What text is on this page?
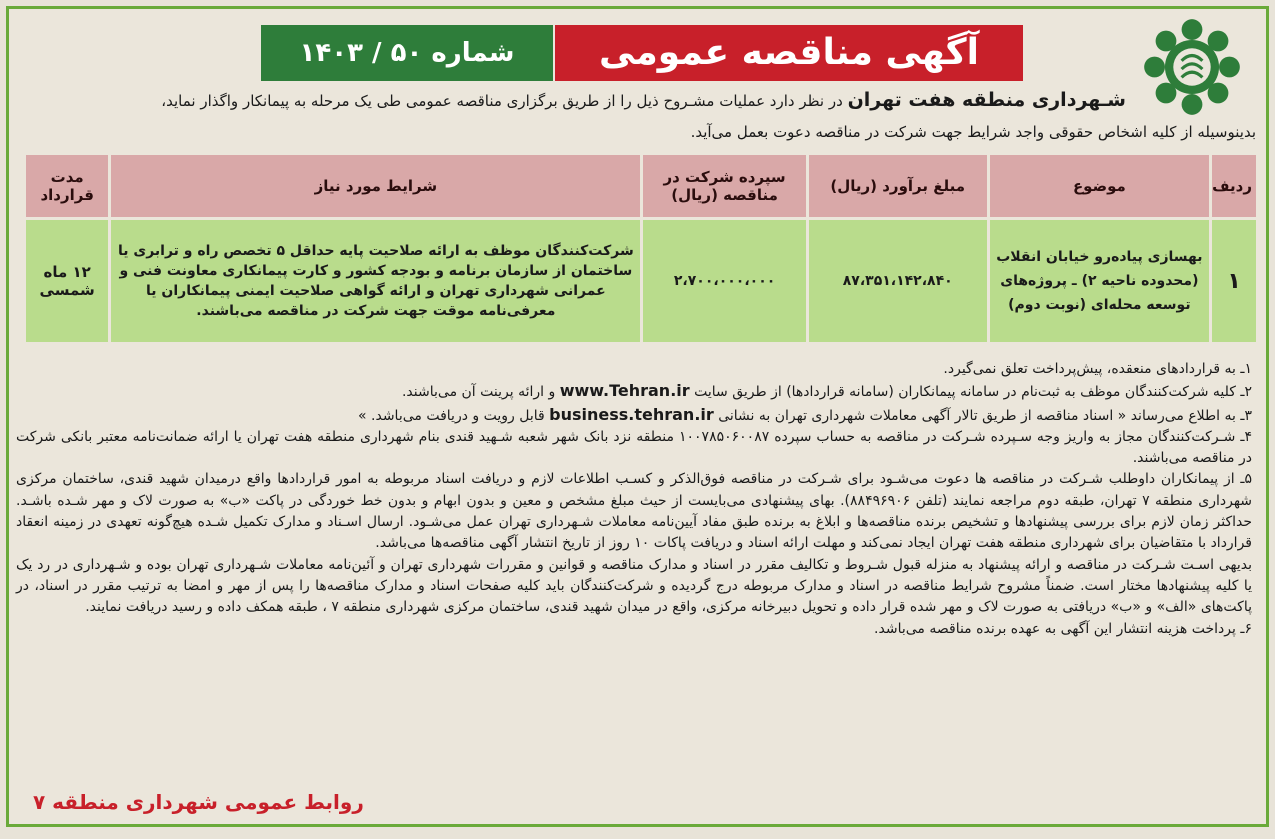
آگهی مناقصه عمومی
شماره ۵۰ / ۱۴۰۳
شـهرداری منطقه هفت تهران در نظر دارد عملیات مشـروح ذیل را از طریق برگزاری مناقصه عمومی طی یک مرحله به پیمانکار واگذار نماید،
بدینوسیله از کلیه اشخاص حقوقی واجد شرایط جهت شرکت در مناقصه دعوت بعمل می‌آید.
ردیف	موضوع	مبلغ برآورد (ریال)	سپرده شرکت در مناقصه (ریال)	شرایط مورد نیاز	مدت قرارداد
۱	بهسازی پیاده‌رو خیابان انقلاب (محدوده ناحیه ۲) ـ پروژه‌های توسعه محله‌ای (نوبت دوم)	۸۷،۳۵۱،۱۴۲،۸۴۰	۲،۷۰۰،۰۰۰،۰۰۰	شرکت‌کنندگان موظف به ارائه صلاحیت پایه حداقل ۵ تخصص راه و ترابری یا ساختمان از سازمان برنامه و بودجه کشور و کارت پیمانکاری معاونت فنی و عمرانی شهرداری تهران و ارائه گواهی صلاحیت ایمنی پیمانکاران یا معرفی‌نامه موقت جهت شرکت در مناقصه می‌باشند.	۱۲ ماه شمسی

۱ـ به قراردادهای منعقده، پیش‌پرداخت تعلق نمی‌گیرد.

۲ـ کلیه شرکت‌کنندگان موظف به ثبت‌نام در سامانه پیمانکاران (سامانه قراردادها) از طریق سایت www.Tehran.ir و ارائه پرینت آن می‌باشند.

۳ـ به اطلاع می‌رساند « اسناد مناقصه از طریق تالار آگهی معاملات شهرداری تهران به نشانی business.tehran.ir قابل رویت و دریافت می‌باشد. »

۴ـ شـرکت‌کنندگان مجاز به واریز وجه سـپرده شـرکت در مناقصه به حساب سپرده ۱۰۰۷۸۵۰۶۰۰۸۷ منطقه نزد بانک شهر شعبه شـهید قندی بنام شهرداری منطقه هفت تهران یا ارائه ضمانت‌نامه معتبر بانکی شرکت در مناقصه می‌باشند.

۵ـ از پیمانکاران داوطلب شـرکت در مناقصه ها دعوت می‌شـود برای شـرکت در مناقصه فوق‌الذکر و کسـب اطلاعات لازم و دریافت اسناد مربوطه به امور قراردادها واقع درمیدان شهید قندی، ساختمان مرکزی شهرداری منطقه ۷ تهران، طبقه دوم مراجعه نمایند (تلفن ۸۸۴۹۶۹۰۶). بهای پیشنهادی می‌بایست از حیث مبلغ مشخص و معین و بدون ابهام و بدون خط خوردگی در پاکت «ب» به صورت لاک و مهر شـده باشـد. حداکثر زمان لازم برای بررسی پیشنهادها و تشخیص برنده مناقصه‌ها و ابلاغ به برنده طبق مفاد آیین‌نامه معاملات شـهرداری تهران عمل می‌شـود. ارسال اسـناد و مدارک تکمیل شـده هیچ‌گونه تعهدی در زمینه انعقاد قرارداد با متقاضیان برای شهرداری منطقه هفت تهران ایجاد نمی‌کند و مهلت ارائه اسناد و دریافت پاکات ۱۰ روز از تاریخ انتشار آگهی مناقصه‌ها می‌باشد.

بدیهی اسـت شـرکت در مناقصه و ارائه پیشنهاد به منزله قبول شـروط و تکالیف مقرر در اسناد و مدارک مناقصه و قوانین و مقررات شهرداری تهران و آئین‌نامه معاملات شـهرداری تهران بوده و شـهرداری در رد یک یا کلیه پیشنهادها مختار است. ضمناً مشروح شرایط مناقصه در اسناد و مدارک مربوطه درج گردیده و شرکت‌کنندگان باید کلیه صفحات اسناد و مدارک مناقصه‌ها را پس از مهر و امضا به ترتیب مقرر در اسناد، در پاکت‌های «الف» و «ب» دریافتی به صورت لاک و مهر شده قرار داده و تحویل دبیرخانه مرکزی، واقع در میدان شهید قندی، ساختمان مرکزی شهرداری منطقه ۷ ، طبقه همکف داده و رسید دریافت نمایند.

۶ـ پرداخت هزینه انتشار این آگهی به عهده برنده مناقصه می‌باشد.

روابط عمومی شهرداری منطقه ۷
